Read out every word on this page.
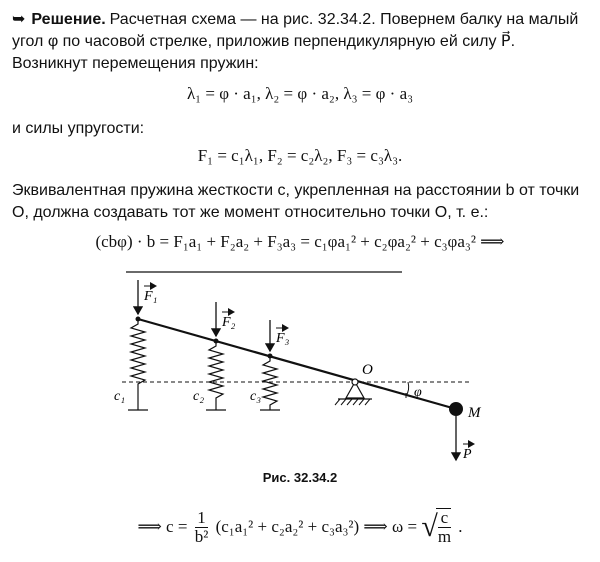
➥ Решение. Расчетная схема — на рис. 32.34.2. Повернем балку на малый угол φ по часовой стрелке, приложив перпендикулярную ей силу P⃗. Возникнут перемещения пружин:
λ₁ = φ · a₁, λ₂ = φ · a₂, λ₃ = φ · a₃
и силы упругости:
F₁ = c₁λ₁, F₂ = c₂λ₂, F₃ = c₃λ₃.
Эквивалентная пружина жесткости c, укрепленная на расстоянии b от точки O, должна создавать тот же момент относительно точки O, т. е.:
(cbφ) · b = F₁a₁ + F₂a₂ + F₃a₃ = c₁φa₁² + c₂φa₂² + c₃φa₃² ⟹
F₁
F₂
F₃
c₁	c₂	c₃
O
φ
M
P
Рис. 32.34.2
⟹ $c = \frac{1}{\text{b²}} (c_1a_1^2 + c_2a_2^2 + c_3a_3^2)$ ⟹ ω = √
$\frac{c}{m}$ .
